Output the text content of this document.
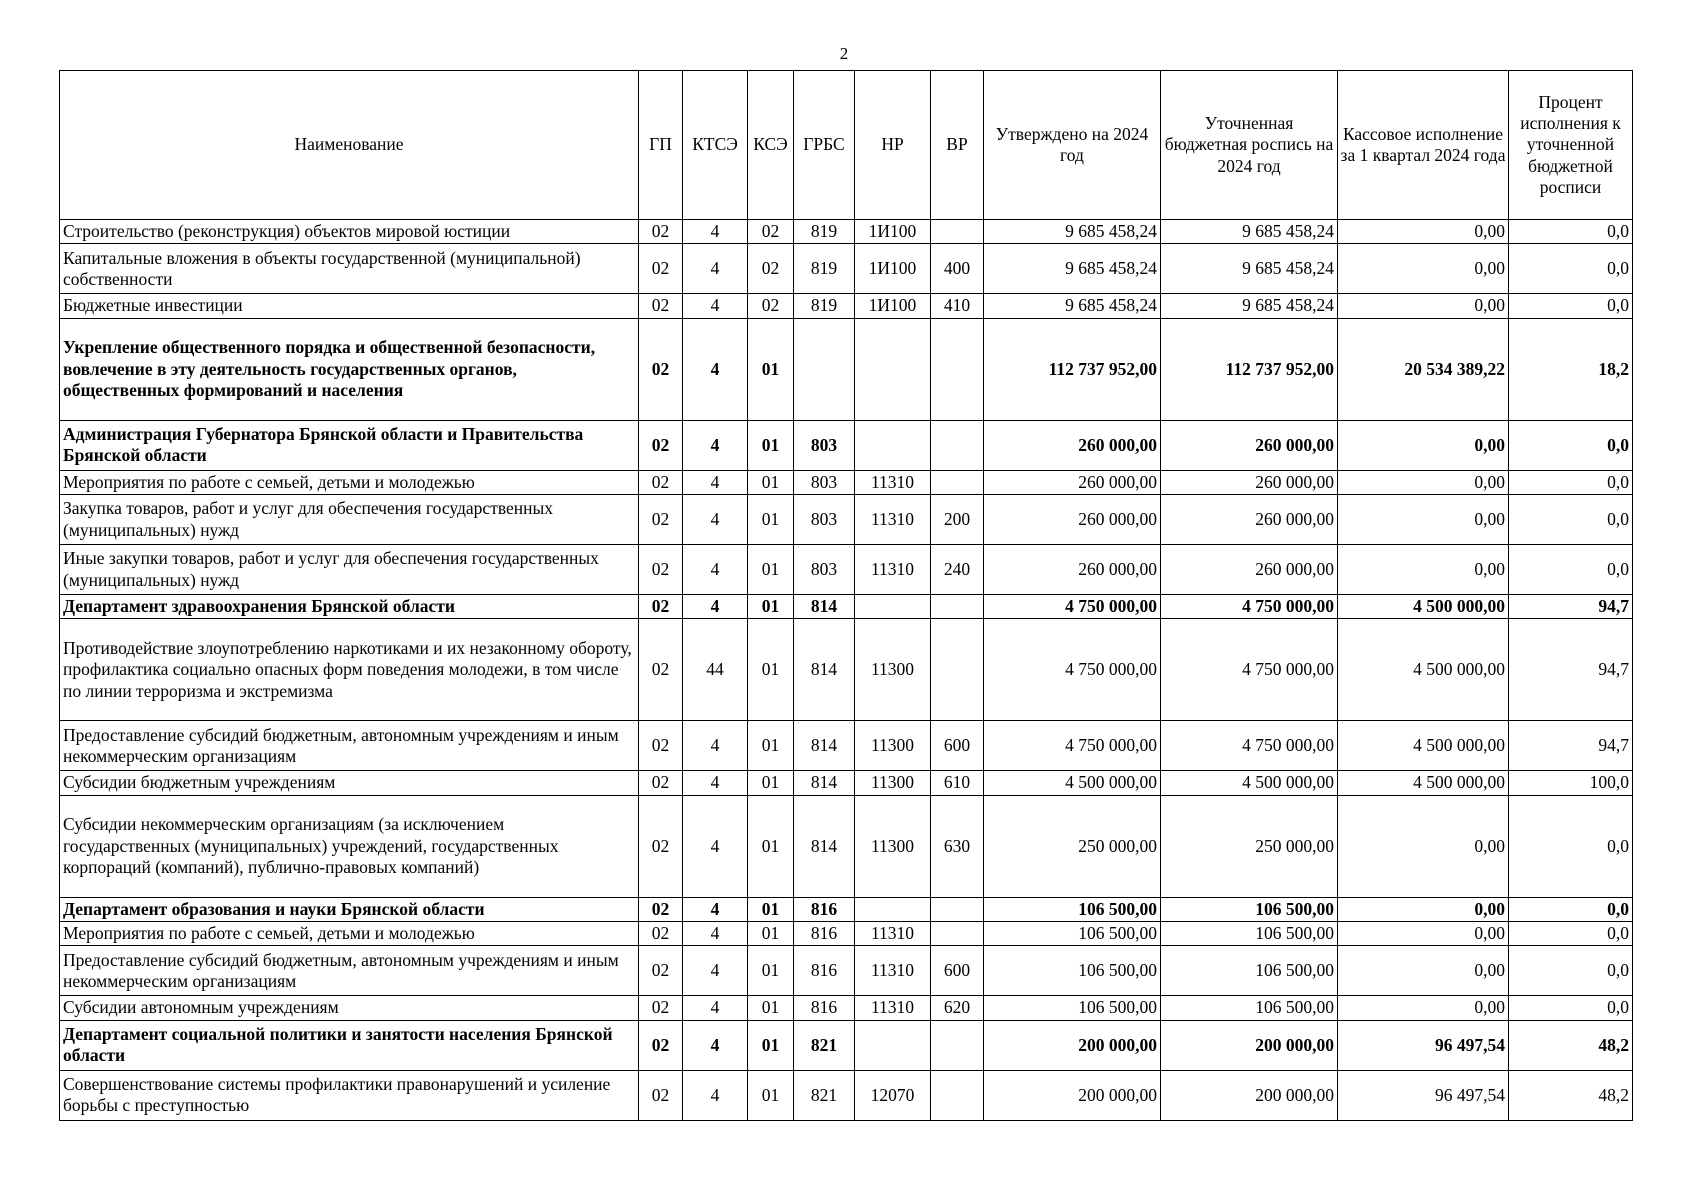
2
Наименование	ГП	КТСЭ	КСЭ	ГРБС	НР	ВР	Утверждено на 2024 год	Уточненная бюджетная роспись на 2024 год	Кассовое исполнение за 1 квартал 2024 года	Процент исполнения к уточненной бюджетной росписи
Строительство (реконструкция) объектов мировой юстиции	02	4	02	819	1И100		9 685 458,24	9 685 458,24	0,00	0,0
Капитальные вложения в объекты государственной (муниципальной) собственности	02	4	02	819	1И100	400	9 685 458,24	9 685 458,24	0,00	0,0
Бюджетные инвестиции	02	4	02	819	1И100	410	9 685 458,24	9 685 458,24	0,00	0,0
Укрепление общественного порядка и общественной безопасности, вовлечение в эту деятельность государственных органов, общественных формирований и населения	02	4	01				112 737 952,00	112 737 952,00	20 534 389,22	18,2
Администрация Губернатора Брянской области и Правительства Брянской области	02	4	01	803			260 000,00	260 000,00	0,00	0,0
Мероприятия по работе с семьей, детьми и молодежью	02	4	01	803	11310		260 000,00	260 000,00	0,00	0,0
Закупка товаров, работ и услуг для обеспечения государственных (муниципальных) нужд	02	4	01	803	11310	200	260 000,00	260 000,00	0,00	0,0
Иные закупки товаров, работ и услуг для обеспечения государственных (муниципальных) нужд	02	4	01	803	11310	240	260 000,00	260 000,00	0,00	0,0
Департамент здравоохранения Брянской области	02	4	01	814			4 750 000,00	4 750 000,00	4 500 000,00	94,7
Противодействие злоупотреблению наркотиками и их незаконному обороту, профилактика социально опасных форм поведения молодежи, в том числе по линии терроризма и экстремизма	02	44	01	814	11300		4 750 000,00	4 750 000,00	4 500 000,00	94,7
Предоставление субсидий бюджетным, автономным учреждениям и иным некоммерческим организациям	02	4	01	814	11300	600	4 750 000,00	4 750 000,00	4 500 000,00	94,7
Субсидии бюджетным учреждениям	02	4	01	814	11300	610	4 500 000,00	4 500 000,00	4 500 000,00	100,0
Субсидии некоммерческим организациям (за исключением государственных (муниципальных) учреждений, государственных корпораций (компаний), публично-правовых компаний)	02	4	01	814	11300	630	250 000,00	250 000,00	0,00	0,0
Департамент образования и науки Брянской области	02	4	01	816			106 500,00	106 500,00	0,00	0,0
Мероприятия по работе с семьей, детьми и молодежью	02	4	01	816	11310		106 500,00	106 500,00	0,00	0,0
Предоставление субсидий бюджетным, автономным учреждениям и иным некоммерческим организациям	02	4	01	816	11310	600	106 500,00	106 500,00	0,00	0,0
Субсидии автономным учреждениям	02	4	01	816	11310	620	106 500,00	106 500,00	0,00	0,0
Департамент социальной политики и занятости населения Брянской области	02	4	01	821			200 000,00	200 000,00	96 497,54	48,2
Совершенствование системы профилактики правонарушений и усиление борьбы с преступностью	02	4	01	821	12070		200 000,00	200 000,00	96 497,54	48,2
